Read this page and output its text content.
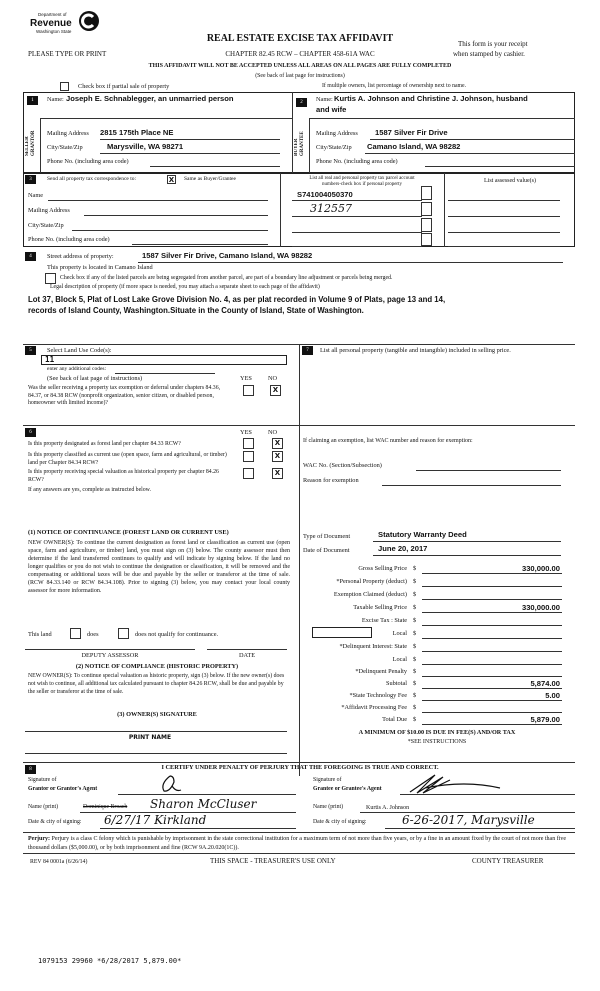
Department of
Revenue
Washington State
REAL ESTATE EXCISE TAX AFFIDAVIT	This form is your receipt
when stamped by cashier.
PLEASE TYPE OR PRINT	CHAPTER 82.45 RCW – CHAPTER 458-61A WAC
THIS AFFIDAVIT WILL NOT BE ACCEPTED UNLESS ALL AREAS ON ALL PAGES ARE FULLY COMPLETED
(See back of last page for instructions)
Check box if partial sale of property	If multiple owners, list percentage of ownership next to name.
1
SELLER GRANTOR
Name: Joseph E. Schnablegger, an unmarried person
Mailing Address 2815 175th Place NE
City/State/Zip	Marysville, WA 98271
Phone No. (including area code)
2
BUYER GRANTEE
Name: Kurtis A. Johnson and Christine J. Johnson, husband
and wife
Mailing Address 1587 Silver Fir Drive
City/State/Zip Camano Island, WA 98282
Phone No. (including area code)
3	Send all property tax correspondence to:	X	Same as Buyer/Grantee
Name
Mailing Address
City/State/Zip
Phone No. (including area code)
List all real and personal property tax parcel account
numbers-check box if personal property
List assessed value(s)
S741004050370
312557
4	Street address of property:	1587 Silver Fir Drive, Camano Island, WA 98282
This property is located in Camano Island
Check box if any of the listed parcels are being segregated from another parcel, are part of a boundary line adjustment or parcels being merged.
Legal description of property (if more space is needed, you may attach a separate sheet to each page of the affidavit)
Lot 37, Block 5, Plat of Lost Lake Grove Division No. 4, as per plat recorded in Volume 9 of Plats, page 13 and 14,
records of Island County, Washington.Situate in the County of Island, State of Washington.
5	Select Land Use Code(s):
11
enter any additional codes:
(See back of last page of instructions)	YES	NO
Was the seller receiving a property tax exemption or deferral under chapters 84.36, 84.37, or 84.38 RCW (nonprofit organization, senior citizen, or disabled person, homeowner with limited income)?
X
7	List all personal property (tangible and intangible) included in selling price.
6	YES	NO
Is this property designated as forest land per chapter 84.33 RCW?	X
Is this property classified as current use (open space, farm and agricultural, or timber) land per Chapter 84.34 RCW?
X
Is this property receiving special valuation as historical property per chapter 84.26 RCW?
X
If any answers are yes, complete as instructed below.
(1) NOTICE OF CONTINUANCE (FOREST LAND OR CURRENT USE)
NEW OWNER(S): To continue the current designation as forest land or classification as current use (open space, farm and agriculture, or timber) land, you must sign on (3) below. The county assessor must then determine if the land transferred continues to qualify and will indicate by signing below. If the land no longer qualifies or you do not wish to continue the designation or classification, it will be removed and the compensating or additional taxes will be due and payable by the seller or transferor at the time of sale. (RCW 84.33.140 or RCW 84.34.108). Prior to signing (3) below, you may contact your local county assessor for more information.
This land	does	does not qualify for continuance.
DEPUTY ASSESSOR	DATE
(2) NOTICE OF COMPLIANCE (HISTORIC PROPERTY)
NEW OWNER(S): To continue special valuation as historic property, sign (3) below. If the new owner(s) does not wish to continue, all additional tax calculated pursuant to chapter 84.26 RCW, shall be due and payable by the seller or transferor at the time of sale.
(3) OWNER(S) SIGNATURE
PRINT NAME
If claiming an exemption, list WAC number and reason for exemption:
WAC No. (Section/Subsection)
Reason for exemption
Type of Document	Statutory Warranty Deed
Date of Document	June 20, 2017
Gross Selling Price $	330,000.00
*Personal Property (deduct) $
Exemption Claimed (deduct) $
Taxable Selling Price $	330,000.00
Excise Tax : State $
Local $
*Delinquent Interest: State $
Local $
*Delinquent Penalty $
Subtotal $	5,874.00
*State Technology Fee $	5.00
*Affidavit Processing Fee $
Total Due $	5,879.00
A MINIMUM OF $10.00 IS DUE IN FEE(S) AND/OR TAX
*SEE INSTRUCTIONS
8	I CERTIFY UNDER PENALTY OF PERJURY THAT THE FOREGOING IS TRUE AND CORRECT.
Signature of
Grantor or Grantor's Agent
Name (print)	Dominique Broach Sharon McCluser
Date & city of signing: 6/27/17 Kirkland
Signature of
Grantee or Grantee's Agent
Name (print)	Kurtis A. Johnson
Date & city of signing:	6-26-2017, Marysville
Perjury: Perjury is a class C felony which is punishable by imprisonment in the state correctional institution for a maximum term of not more than five years, or by a fine in an amount fixed by the court of not more than five thousand dollars ($5,000.00), or by both imprisonment and fine (RCW 9A.20.020(1C)).
REV 84 0001a (6/26/14)	THIS SPACE - TREASURER'S USE ONLY	COUNTY TREASURER
1079153 29960 *6/28/2017 5,879.00*
